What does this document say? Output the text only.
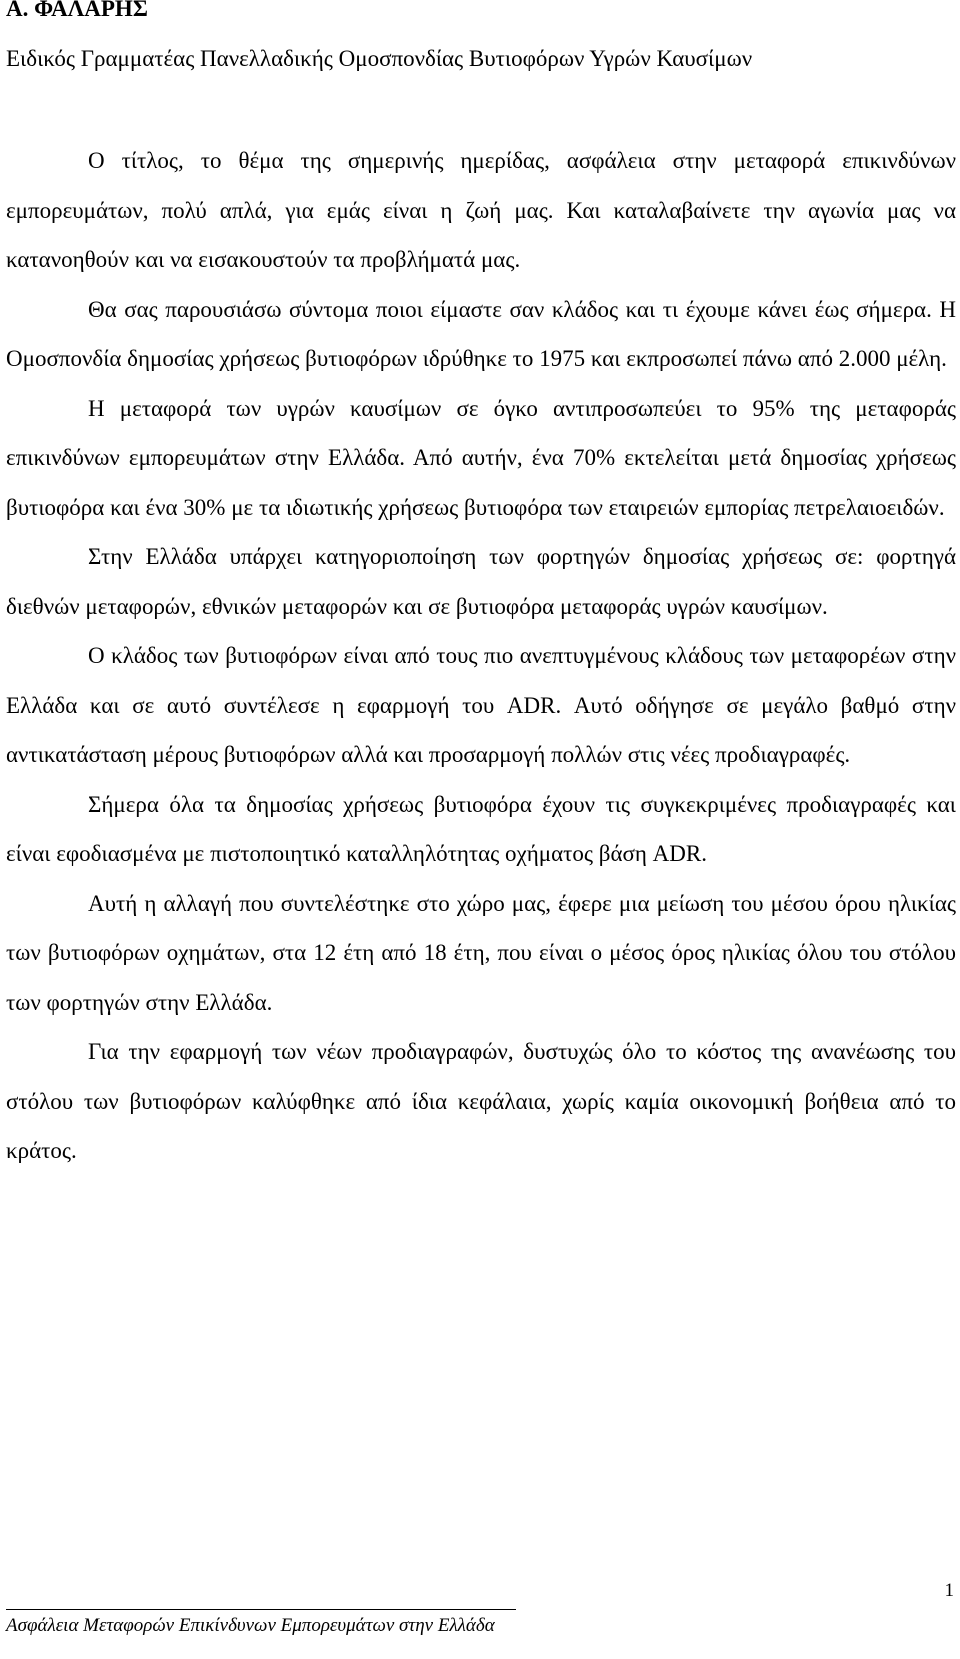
Α. ΦΑΛΑΡΗΣ

Ειδικός Γραμματέας Πανελλαδικής Ομοσπονδίας Βυτιοφόρων Υγρών Καυσίμων

Ο τίτλος, το θέμα της σημερινής ημερίδας, ασφάλεια στην μεταφορά επικινδύνων εμπορευμάτων, πολύ απλά, για εμάς είναι η ζωή μας. Και καταλαβαίνετε την αγωνία μας να κατανοηθούν και να εισακουστούν τα προβλήματά μας.

Θα σας παρουσιάσω σύντομα ποιοι είμαστε σαν κλάδος και τι έχουμε κάνει έως σήμερα. Η Ομοσπονδία δημοσίας χρήσεως βυτιοφόρων ιδρύθηκε το 1975 και εκπροσωπεί πάνω από 2.000 μέλη.

Η μεταφορά των υγρών καυσίμων σε όγκο αντιπροσωπεύει το 95% της μεταφοράς επικινδύνων εμπορευμάτων στην Ελλάδα. Από αυτήν, ένα 70% εκτελείται μετά δημοσίας χρήσεως βυτιοφόρα και ένα 30% με τα ιδιωτικής χρήσεως βυτιοφόρα των εταιρειών εμπορίας πετρελαιοειδών.

Στην Ελλάδα υπάρχει κατηγοριοποίηση των φορτηγών δημοσίας χρήσεως σε: φορτηγά διεθνών μεταφορών, εθνικών μεταφορών και σε βυτιοφόρα μεταφοράς υγρών καυσίμων.

Ο κλάδος των βυτιοφόρων είναι από τους πιο ανεπτυγμένους κλάδους των μεταφορέων στην Ελλάδα και σε αυτό συντέλεσε η εφαρμογή του ADR. Αυτό οδήγησε σε μεγάλο βαθμό στην αντικατάσταση μέρους βυτιοφόρων αλλά και προσαρμογή πολλών στις νέες προδιαγραφές.

Σήμερα όλα τα δημοσίας χρήσεως βυτιοφόρα έχουν τις συγκεκριμένες προδιαγραφές και είναι εφοδιασμένα με πιστοποιητικό καταλληλότητας οχήματος βάση ADR.

Αυτή η αλλαγή που συντελέστηκε στο χώρο μας, έφερε μια μείωση του μέσου όρου ηλικίας των βυτιοφόρων οχημάτων, στα 12 έτη από 18 έτη, που είναι ο μέσος όρος ηλικίας όλου του στόλου των φορτηγών στην Ελλάδα.

Για την εφαρμογή των νέων προδιαγραφών, δυστυχώς όλο το κόστος της ανανέωσης του στόλου των βυτιοφόρων καλύφθηκε από ίδια κεφάλαια, χωρίς καμία οικονομική βοήθεια από το κράτος.

Ασφάλεια Μεταφορών Επικίνδυνων Εμπορευμάτων στην Ελλάδα

1
